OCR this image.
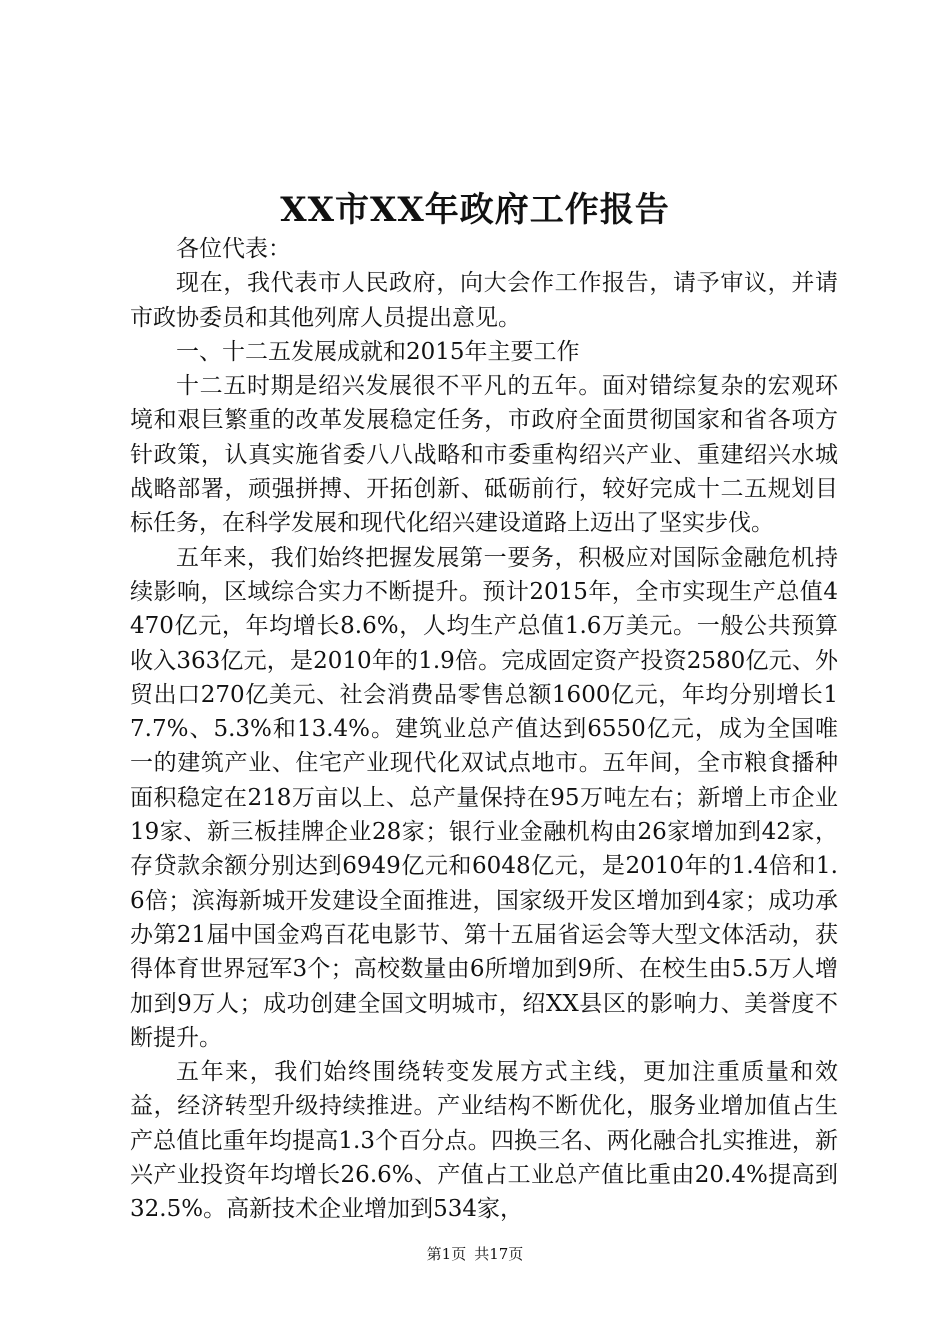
XX市XX年政府工作报告

各位代表：

现在，我代表市人民政府，向大会作工作报告，请予审议，并请市政协委员和其他列席人员提出意见。

一、十二五发展成就和2015年主要工作

十二五时期是绍兴发展很不平凡的五年。面对错综复杂的宏观环境和艰巨繁重的改革发展稳定任务，市政府全面贯彻国家和省各项方针政策，认真实施省委八八战略和市委重构绍兴产业、重建绍兴水城战略部署，顽强拼搏、开拓创新、砥砺前行，较好完成十二五规划目标任务，在科学发展和现代化绍兴建设道路上迈出了坚实步伐。

五年来，我们始终把握发展第一要务，积极应对国际金融危机持续影响，区域综合实力不断提升。预计2015年，全市实现生产总值4470亿元，年均增长8.6%，人均生产总值1.6万美元。一般公共预算收入363亿元，是2010年的1.9倍。完成固定资产投资2580亿元、外贸出口270亿美元、社会消费品零售总额1600亿元，年均分别增长17.7%、5.3%和13.4%。建筑业总产值达到6550亿元，成为全国唯一的建筑产业、住宅产业现代化双试点地市。五年间，全市粮食播种面积稳定在218万亩以上、总产量保持在95万吨左右；新增上市企业19家、新三板挂牌企业28家；银行业金融机构由26家增加到42家，存贷款余额分别达到6949亿元和6048亿元，是2010年的1.4倍和1.6倍；滨海新城开发建设全面推进，国家级开发区增加到4家；成功承办第21届中国金鸡百花电影节、第十五届省运会等大型文体活动，获得体育世界冠军3个；高校数量由6所增加到9所、在校生由5.5万人增加到9万人；成功创建全国文明城市，绍XX县区的影响力、美誉度不断提升。

五年来，我们始终围绕转变发展方式主线，更加注重质量和效益，经济转型升级持续推进。产业结构不断优化，服务业增加值占生产总值比重年均提高1.3个百分点。四换三名、两化融合扎实推进，新兴产业投资年均增长26.6%、产值占工业总产值比重由20.4%提高到32.5%。高新技术企业增加到534家，

第1页 共17页
